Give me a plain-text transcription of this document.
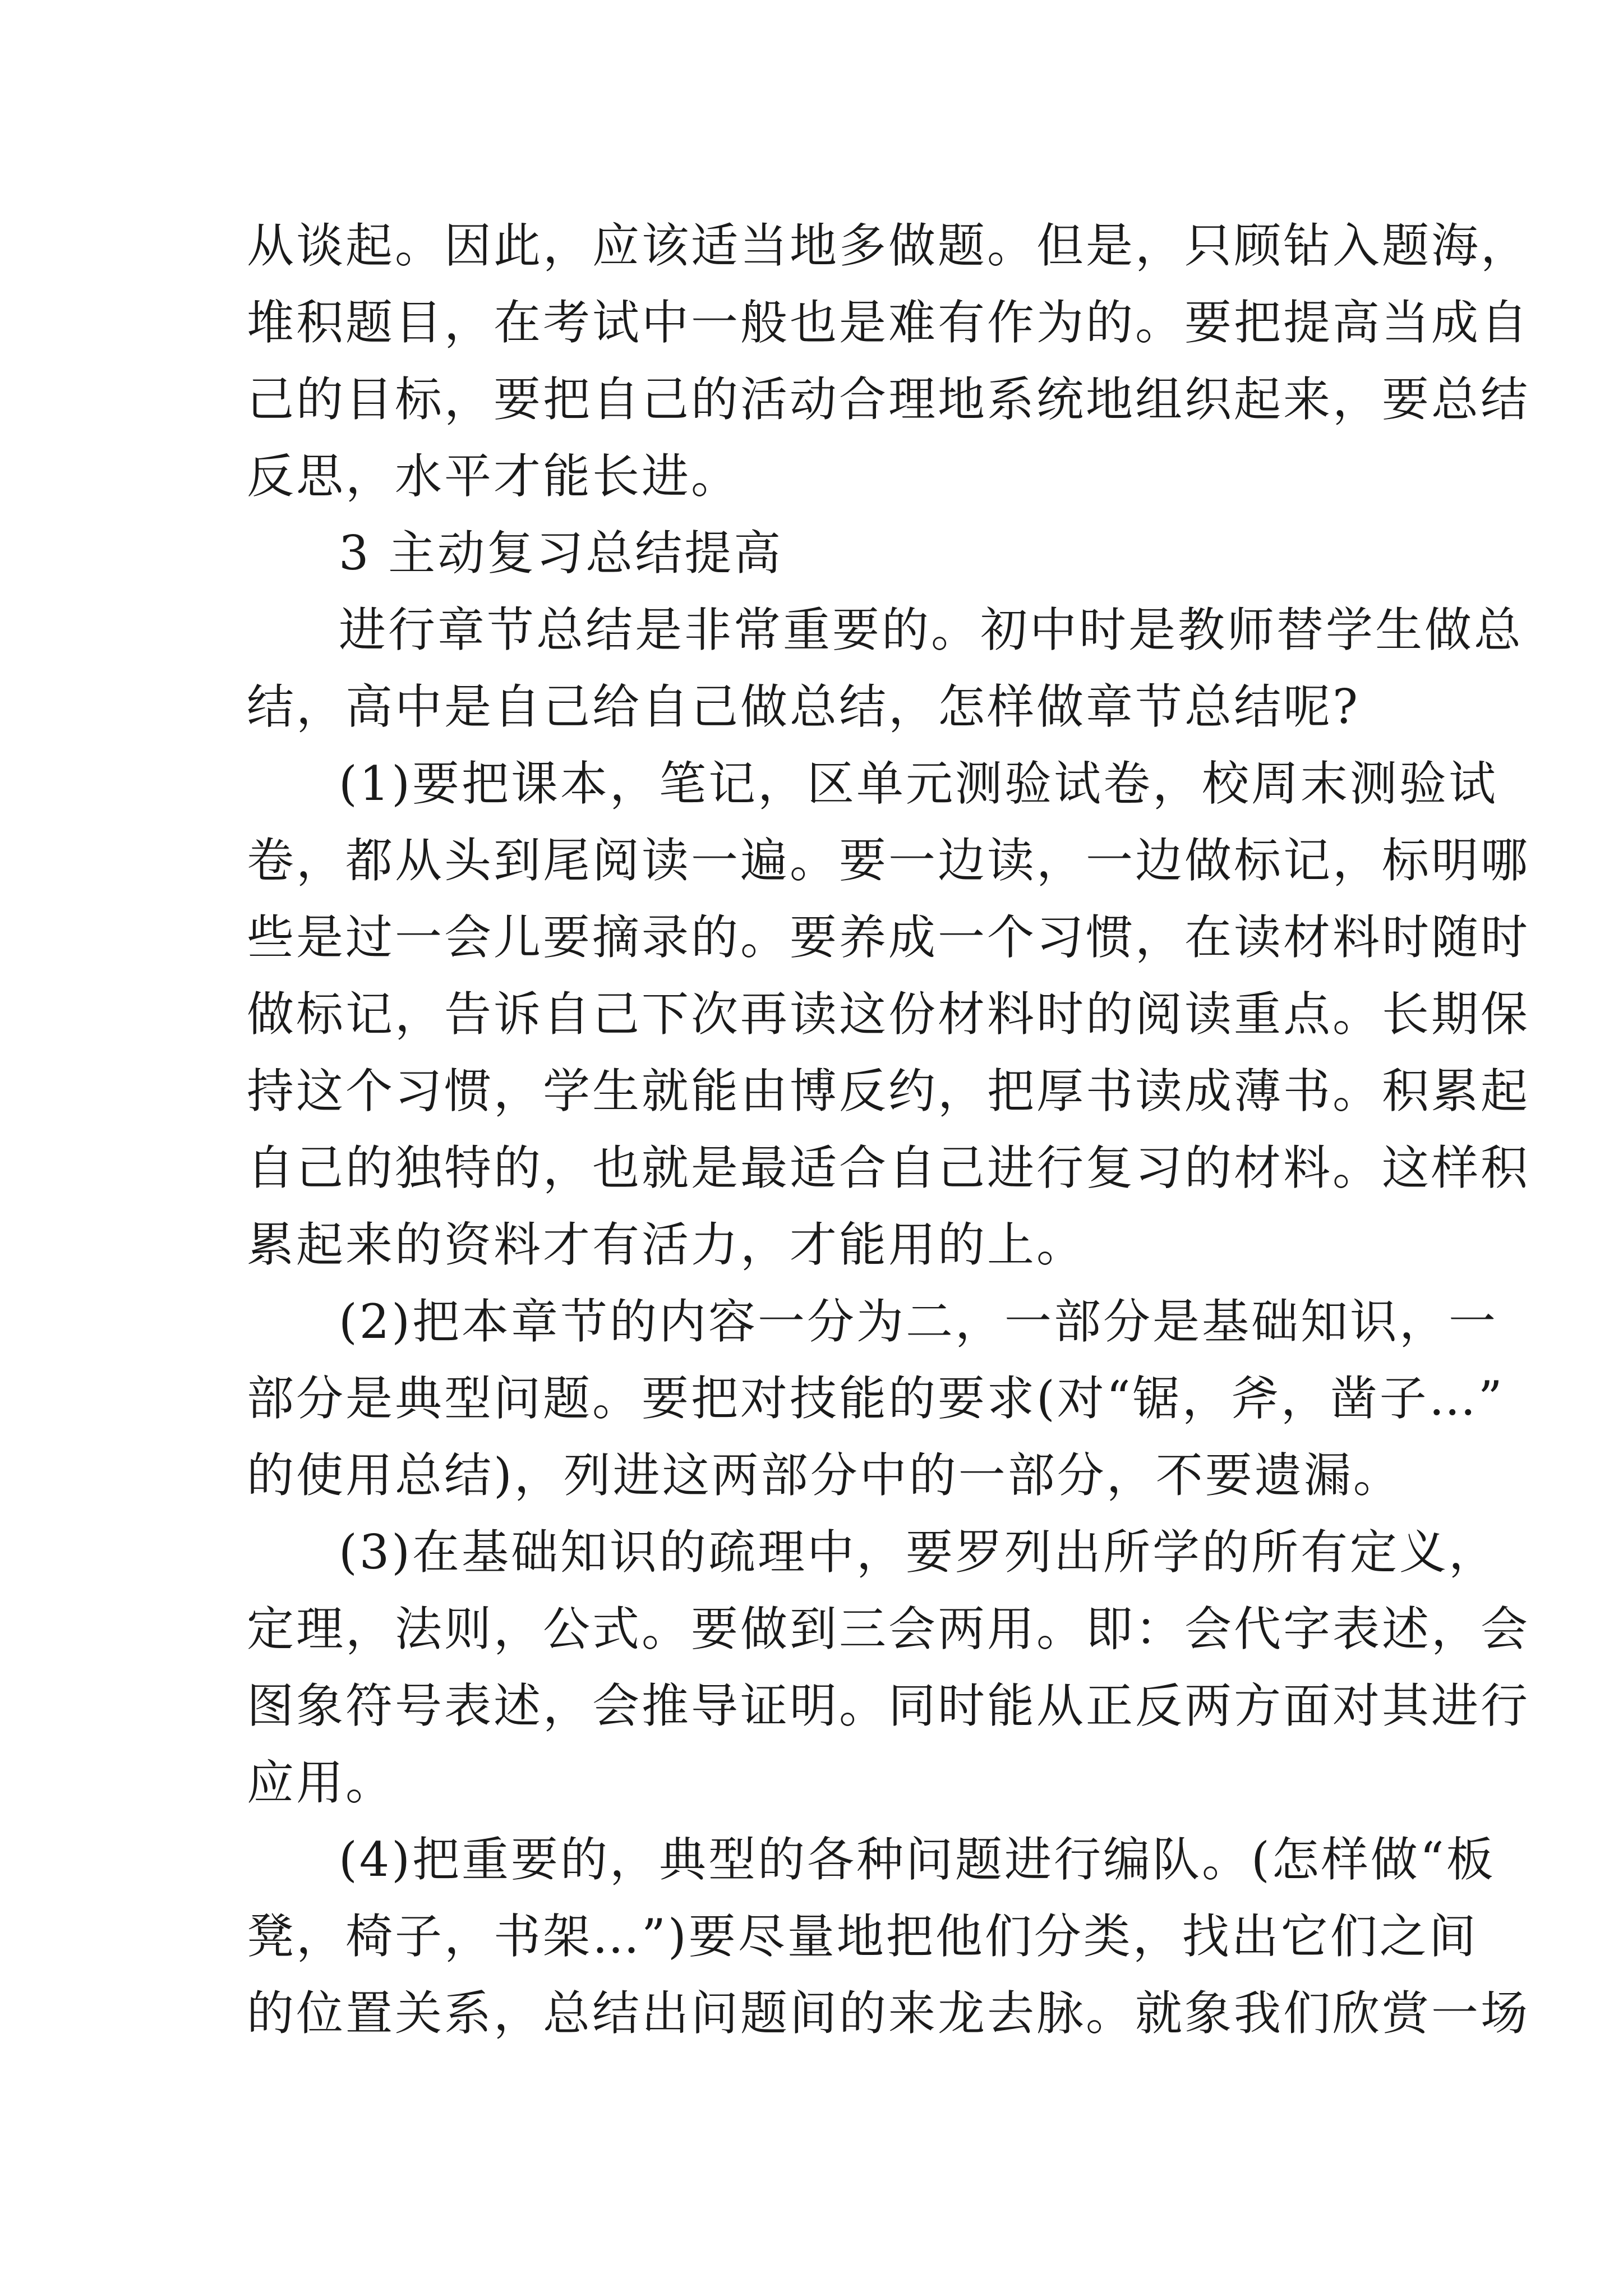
从谈起。因此，应该适当地多做题。但是，只顾钻入题海，
堆积题目，在考试中一般也是难有作为的。要把提高当成自
己的目标，要把自己的活动合理地系统地组织起来，要总结
反思，水平才能长进。
3 主动复习总结提高
进行章节总结是非常重要的。初中时是教师替学生做总
结，高中是自己给自己做总结，怎样做章节总结呢?
(1)要把课本，笔记，区单元测验试卷，校周末测验试
卷，都从头到尾阅读一遍。要一边读，一边做标记，标明哪
些是过一会儿要摘录的。要养成一个习惯，在读材料时随时
做标记，告诉自己下次再读这份材料时的阅读重点。长期保
持这个习惯，学生就能由博反约，把厚书读成薄书。积累起
自己的独特的，也就是最适合自己进行复习的材料。这样积
累起来的资料才有活力，才能用的上。
(2)把本章节的内容一分为二，一部分是基础知识，一
部分是典型问题。要把对技能的要求(对“锯，斧，凿子…”
的使用总结)，列进这两部分中的一部分，不要遗漏。
(3)在基础知识的疏理中，要罗列出所学的所有定义，
定理，法则，公式。要做到三会两用。即：会代字表述，会
图象符号表述，会推导证明。同时能从正反两方面对其进行
应用。
(4)把重要的，典型的各种问题进行编队。(怎样做“板
凳，椅子，书架…”)要尽量地把他们分类，找出它们之间
的位置关系，总结出问题间的来龙去脉。就象我们欣赏一场
